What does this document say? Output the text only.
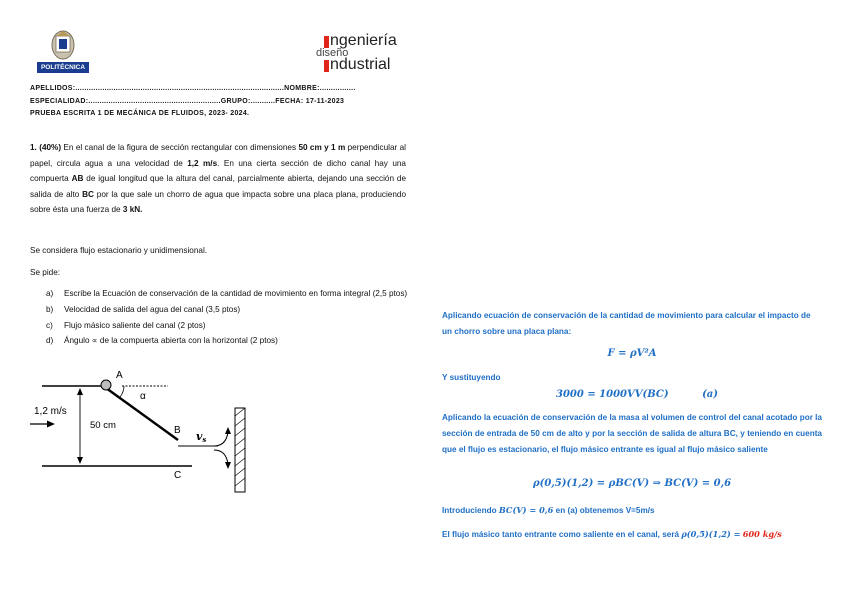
POLITÉCNICA
ngeniería
diseño
ndustrial
APELLIDOS:.............................................................................................NOMBRE:................
ESPECIALIDAD:...........................................................GRUPO:...........FECHA: 17-11-2023
PRUEBA ESCRITA 1 DE MECÁNICA DE FLUIDOS, 2023- 2024.
1. (40%) En el canal de la figura de sección rectangular con dimensiones 50 cm y 1 m perpendicular al papel, circula agua a una velocidad de 1,2 m/s. En una cierta sección de dicho canal hay una compuerta AB de igual longitud que la altura del canal, parcialmente abierta, dejando una sección de salida de alto BC por la que sale un chorro de agua que impacta sobre una placa plana, produciendo sobre ésta una fuerza de 3 kN.
Se considera flujo estacionario y unidimensional.
Se pide:
a)	Escribe la Ecuación de conservación de la cantidad de movimiento en forma integral (2,5 ptos)
b)	Velocidad de salida del agua del canal (3,5 ptos)
c)	Flujo másico saliente del canal (2 ptos)
d)	Ángulo ∝ de la compuerta abierta con la horizontal (2 ptos)
A
α
B
C
1,2 m/s
50 cm
vs
Aplicando ecuación de conservación de la cantidad de movimiento para calcular el impacto de un chorro sobre una placa plana:
F = ρV²A
Y sustituyendo
3000 = 1000VV(BC)	(a)
Aplicando la ecuación de conservación de la masa al volumen de control del canal acotado por la sección de entrada de 50 cm de alto y por la sección de salida de altura BC, y teniendo en cuenta que el flujo es estacionario, el flujo másico entrante es igual al flujo másico saliente
ρ(0,5)(1,2) = ρBC(V) ⇒ BC(V) = 0,6
Introduciendo BC(V) = 0,6 en (a) obtenemos V=5m/s
El flujo másico tanto entrante como saliente en el canal, será ρ(0,5)(1,2) = 600 kg/s
